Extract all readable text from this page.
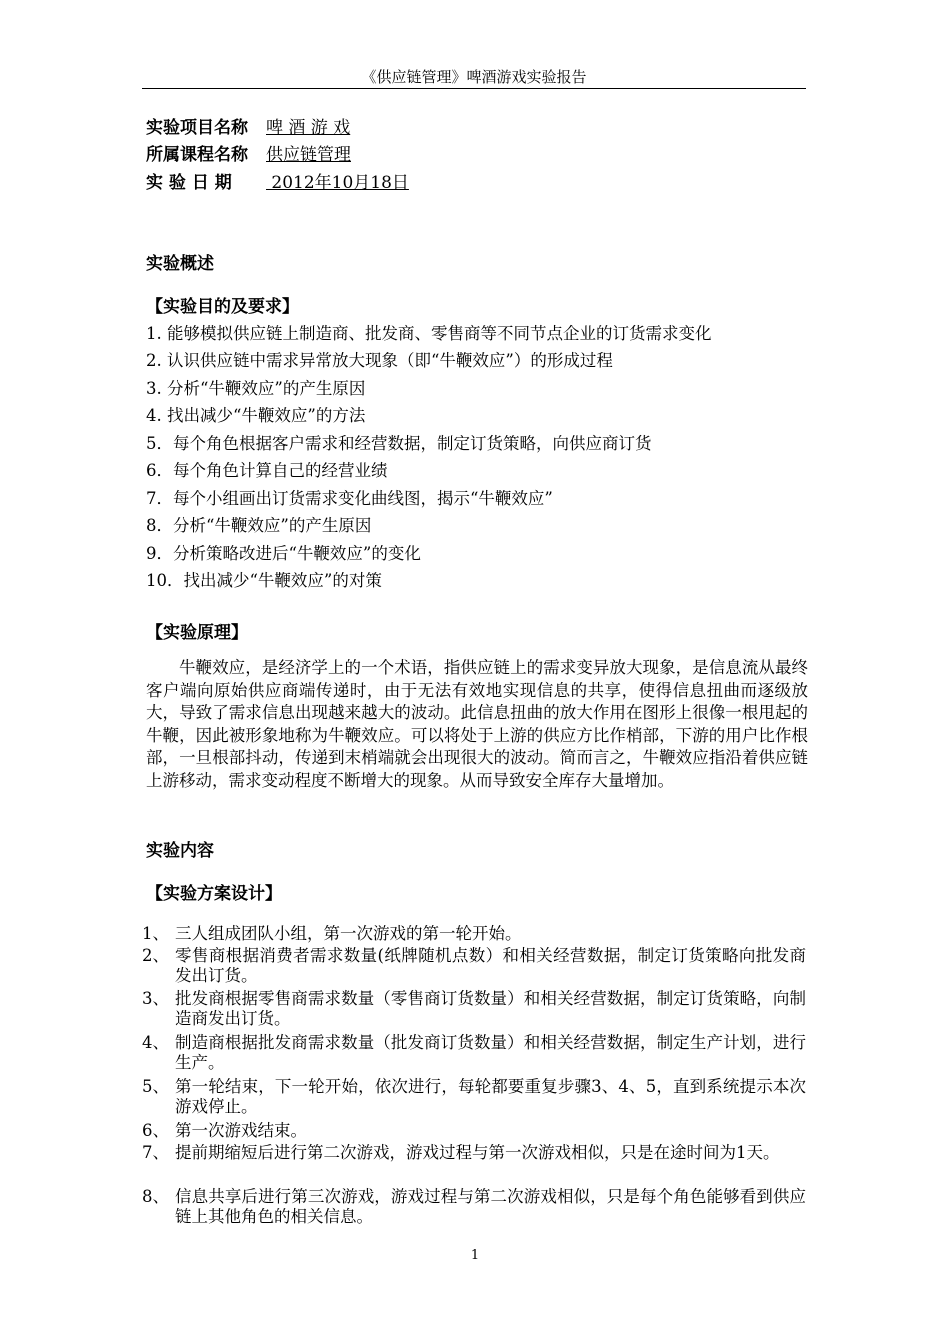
《供应链管理》啤酒游戏实验报告
实验项目名称 啤 酒 游 戏
所属课程名称 供应链管理
实 验 日 期 2012年10月18日
实验概述
【实验目的及要求】
1. 能够模拟供应链上制造商、批发商、零售商等不同节点企业的订货需求变化
2. 认识供应链中需求异常放大现象（即“牛鞭效应”）的形成过程
3. 分析“牛鞭效应”的产生原因
4. 找出减少“牛鞭效应”的方法
5．每个角色根据客户需求和经营数据，制定订货策略，向供应商订货
6．每个角色计算自己的经营业绩
7．每个小组画出订货需求变化曲线图，揭示“牛鞭效应”
8．分析“牛鞭效应”的产生原因
9．分析策略改进后“牛鞭效应”的变化
10．找出减少“牛鞭效应”的对策
【实验原理】

牛鞭效应，是经济学上的一个术语，指供应链上的需求变异放大现象，是信息流从最终客户端向原始供应商端传递时，由于无法有效地实现信息的共享，使得信息扭曲而逐级放大，导致了需求信息出现越来越大的波动。此信息扭曲的放大作用在图形上很像一根甩起的牛鞭，因此被形象地称为牛鞭效应。可以将处于上游的供应方比作梢部，下游的用户比作根部，一旦根部抖动，传递到末梢端就会出现很大的波动。简而言之，牛鞭效应指沿着供应链上游移动，需求变动程度不断增大的现象。从而导致安全库存大量增加。

实验内容
【实验方案设计】
1、 三人组成团队小组，第一次游戏的第一轮开始。
2、 零售商根据消费者需求数量(纸牌随机点数）和相关经营数据，制定订货策略向批发商发出订货。
3、 批发商根据零售商需求数量（零售商订货数量）和相关经营数据，制定订货策略，向制造商发出订货。
4、 制造商根据批发商需求数量（批发商订货数量）和相关经营数据，制定生产计划，进行生产。
5、 第一轮结束，下一轮开始，依次进行，每轮都要重复步骤3、4、5，直到系统提示本次游戏停止。
6、 第一次游戏结束。
7、 提前期缩短后进行第二次游戏，游戏过程与第一次游戏相似，只是在途时间为1天。
8、 信息共享后进行第三次游戏，游戏过程与第二次游戏相似，只是每个角色能够看到供应链上其他角色的相关信息。
1
